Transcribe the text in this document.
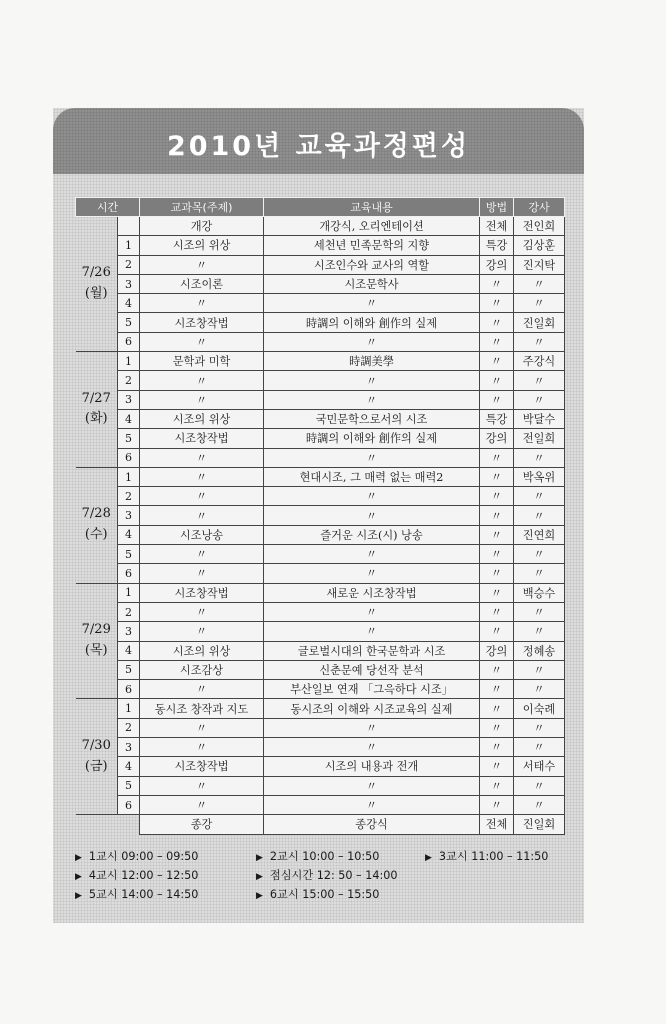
2010년 교육과정편성
시간		교과목(주제)	교육내용	방법	강사

7/26
(월)		개강	개강식, 오리엔테이션	전체	전인희
	1	시조의 위상	세천년 민족문학의 지향	특강	김상훈
	2	〃	시조인수와 교사의 역할	강의	진지탁
	3	시조이론	시조문학사	〃	〃
	4	〃	〃	〃	〃
	5	시조창작법	時調의 이해와 創作의 실제	〃	진일회
	6	〃	〃	〃	〃

7/27
(화)	1	문학과 미학	時調美學	〃	주강식
	2	〃	〃	〃	〃
	3	〃	〃	〃	〃
	4	시조의 위상	국민문학으로서의 시조	특강	박달수
	5	시조창작법	時調의 이해와 創作의 실제	강의	전일희
	6	〃	〃	〃	〃

7/28
(수)	1	〃	현대시조, 그 매력 없는 매력2	〃	박옥위
	2	〃	〃	〃	〃
	3	〃	〃	〃	〃
	4	시조낭송	즐거운 시조(시) 낭송	〃	진연희
	5	〃	〃	〃	〃
	6	〃	〃	〃	〃

7/29
(목)	1	시조창작법	새로운 시조창작법	〃	백승수
	2	〃	〃	〃	〃
	3	〃	〃	〃	〃
	4	시조의 위상	글로벌시대의 한국문학과 시조	강의	정혜송
	5	시조감상	신춘문예 당선작 분석	〃	〃
	6	〃	부산일보 연재 「그윽하다 시조」	〃	〃

7/30
(금)	1	동시조 창작과 지도	동시조의 이해와 시조교육의 실제	〃	이숙례
	2	〃	〃	〃	〃
	3	〃	〃	〃	〃
	4	시조창작법	시조의 내용과 전개	〃	서태수
	5	〃	〃	〃	〃
	6	〃	〃	〃	〃
		종강	종강식	전체	진일회
▶ 1교시 09:00 – 09:50	▶ 2교시 10:00 – 10:50	▶ 3교시 11:00 – 11:50
▶ 4교시 12:00 – 12:50	▶ 점심시간 12: 50 – 14:00
▶ 5교시 14:00 – 14:50	▶ 6교시 15:00 – 15:50
